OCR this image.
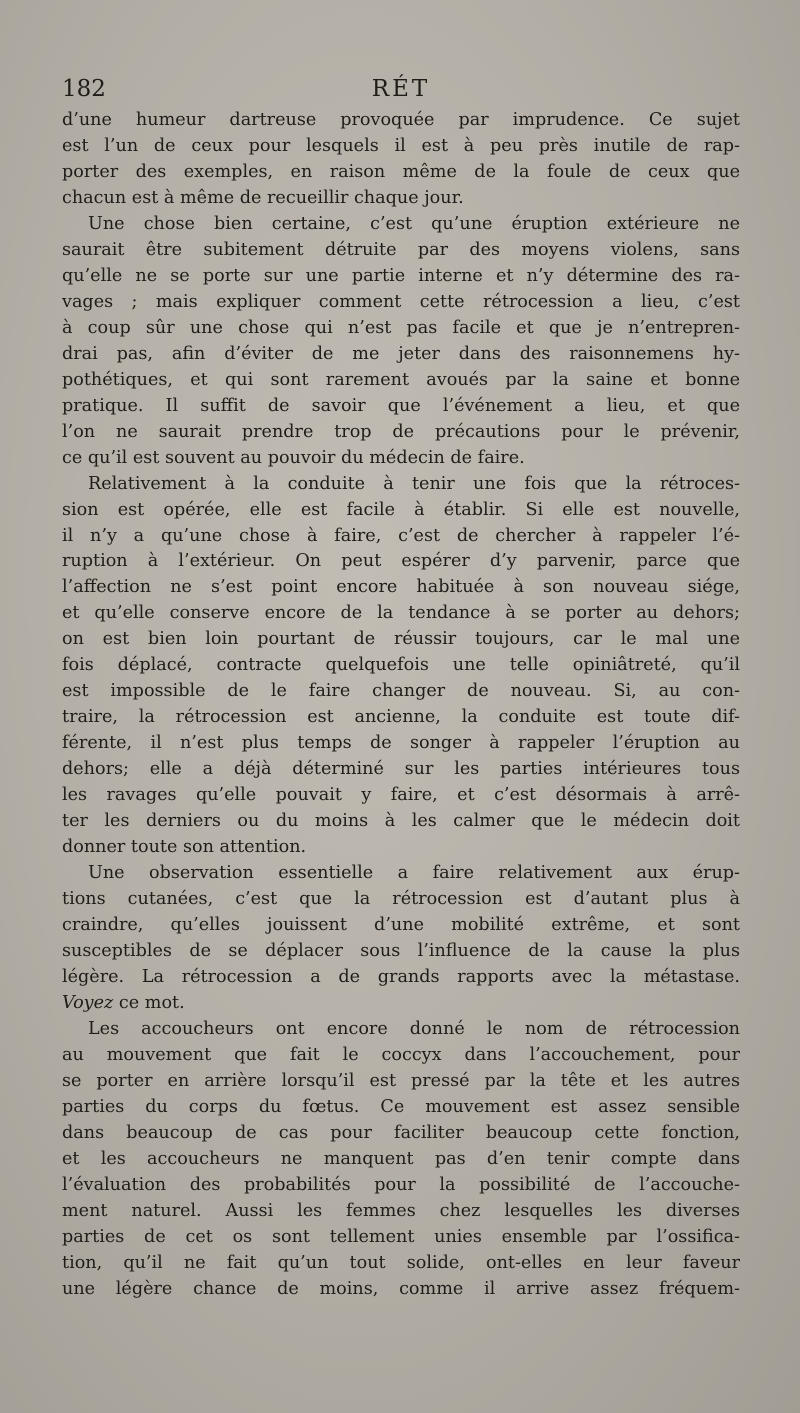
182	RÉT
d’une humeur dartreuse provoquée par imprudence. Ce sujet
est l’un de ceux pour lesquels il est à peu près inutile de rap-
porter des exemples, en raison même de la foule de ceux que
chacun est à même de recueillir chaque jour.
Une chose bien certaine, c’est qu’une éruption extérieure ne
saurait être subitement détruite par des moyens violens, sans
qu’elle ne se porte sur une partie interne et n’y détermine des ra-
vages ; mais expliquer comment cette rétrocession a lieu, c’est
à coup sûr une chose qui n’est pas facile et que je n’entrepren-
drai pas, afin d’éviter de me jeter dans des raisonnemens hy-
pothétiques, et qui sont rarement avoués par la saine et bonne
pratique. Il suffit de savoir que l’événement a lieu, et que
l’on ne saurait prendre trop de précautions pour le prévenir,
ce qu’il est souvent au pouvoir du médecin de faire.
Relativement à la conduite à tenir une fois que la rétroces-
sion est opérée, elle est facile à établir. Si elle est nouvelle,
il n’y a qu’une chose à faire, c’est de chercher à rappeler l’é-
ruption à l’extérieur. On peut espérer d’y parvenir, parce que
l’affection ne s’est point encore habituée à son nouveau siége,
et qu’elle conserve encore de la tendance à se porter au dehors;
on est bien loin pourtant de réussir toujours, car le mal une
fois déplacé, contracte quelquefois une telle opiniâtreté, qu’il
est impossible de le faire changer de nouveau. Si, au con-
traire, la rétrocession est ancienne, la conduite est toute dif-
férente, il n’est plus temps de songer à rappeler l’éruption au
dehors; elle a déjà déterminé sur les parties intérieures tous
les ravages qu’elle pouvait y faire, et c’est désormais à arrê-
ter les derniers ou du moins à les calmer que le médecin doit
donner toute son attention.
Une observation essentielle a faire relativement aux érup-
tions cutanées, c’est que la rétrocession est d’autant plus à
craindre, qu’elles jouissent d’une mobilité extrême, et sont
susceptibles de se déplacer sous l’influence de la cause la plus
légère. La rétrocession a de grands rapports avec la métastase.
Voyez ce mot.
Les accoucheurs ont encore donné le nom de rétrocession
au mouvement que fait le coccyx dans l’accouchement, pour
se porter en arrière lorsqu’il est pressé par la tête et les autres
parties du corps du fœtus. Ce mouvement est assez sensible
dans beaucoup de cas pour faciliter beaucoup cette fonction,
et les accoucheurs ne manquent pas d’en tenir compte dans
l’évaluation des probabilités pour la possibilité de l’accouche-
ment naturel. Aussi les femmes chez lesquelles les diverses
parties de cet os sont tellement unies ensemble par l’ossifica-
tion, qu’il ne fait qu’un tout solide, ont-elles en leur faveur
une légère chance de moins, comme il arrive assez fréquem-
